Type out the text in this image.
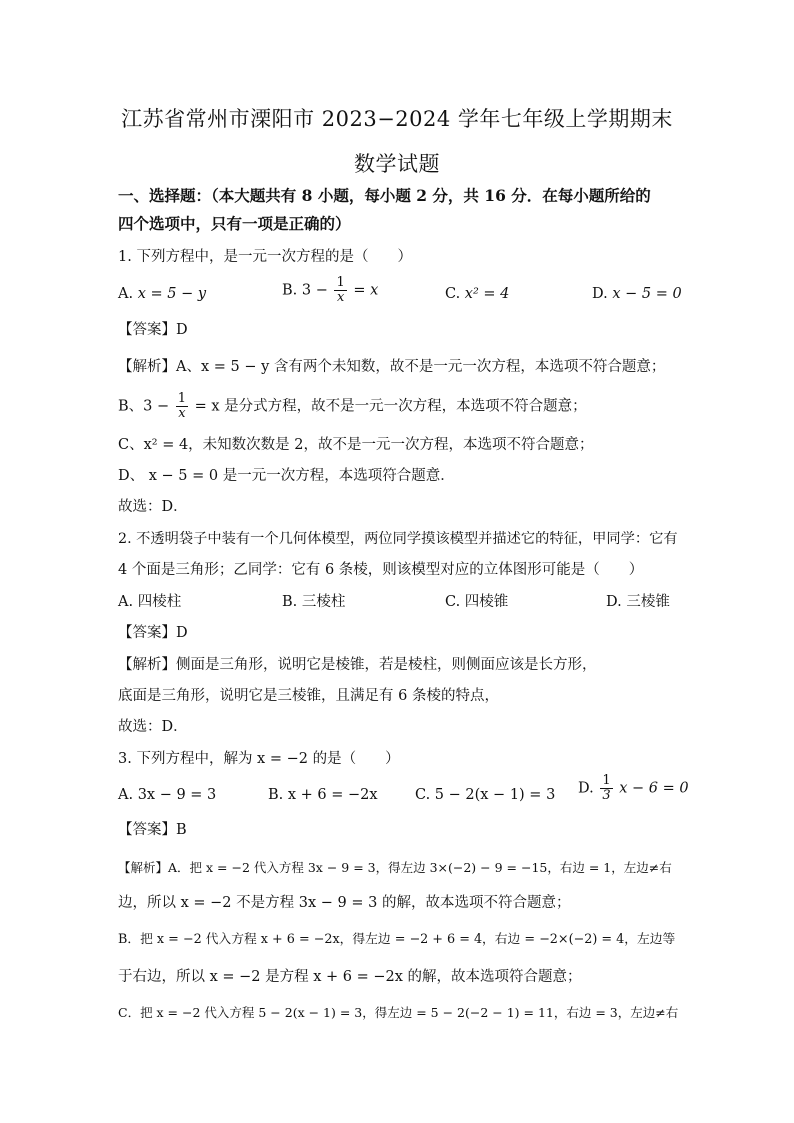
江苏省常州市溧阳市 2023−2024 学年七年级上学期期末
数学试题
一、选择题：（本大题共有 8 小题，每小题 2 分，共 16 分．在每小题所给的
四个选项中，只有一项是正确的）
1. 下列方程中，是一元一次方程的是（　　）
A. x = 5 − y	B. $3 - \frac{1}{x} = x$	C. x² = 4	D. x − 5 = 0
【答案】D
【解析】A、x = 5 − y 含有两个未知数，故不是一元一次方程，本选项不符合题意；
B、$3 - \frac{1}{x} = x$ 是分式方程，故不是一元一次方程，本选项不符合题意；
C、x² = 4，未知数次数是 2，故不是一元一次方程，本选项不符合题意；
D、 x − 5 = 0 是一元一次方程，本选项符合题意．
故选：D．
2. 不透明袋子中装有一个几何体模型，两位同学摸该模型并描述它的特征，甲同学：它有
4 个面是三角形；乙同学：它有 6 条棱，则该模型对应的立体图形可能是（　　）
A. 四棱柱	B. 三棱柱	C. 四棱锥	D. 三棱锥
【答案】D
【解析】侧面是三角形，说明它是棱锥，若是棱柱，则侧面应该是长方形，
底面是三角形，说明它是三棱锥，且满足有 6 条棱的特点，
故选：D．
3. 下列方程中，解为 x = −2 的是（　　）
A. 3x − 9 = 3	B. x + 6 = −2x	C. 5 − 2(x − 1) = 3 D. $\frac{1}{3}$ x − 6 = 0
【答案】B
【解析】A．把 x = −2 代入方程 3x − 9 = 3，得左边 3×(−2) − 9 = −15，右边 = 1，左边≠右
边，所以 x = −2 不是方程 3x − 9 = 3 的解，故本选项不符合题意；
B．把 x = −2 代入方程 x + 6 = −2x，得左边 = −2 + 6 = 4，右边 = −2×(−2) = 4，左边等
于右边，所以 x = −2 是方程 x + 6 = −2x 的解，故本选项符合题意；
C．把 x = −2 代入方程 5 − 2(x − 1) = 3，得左边 = 5 − 2(−2 − 1) = 11，右边 = 3，左边≠右
